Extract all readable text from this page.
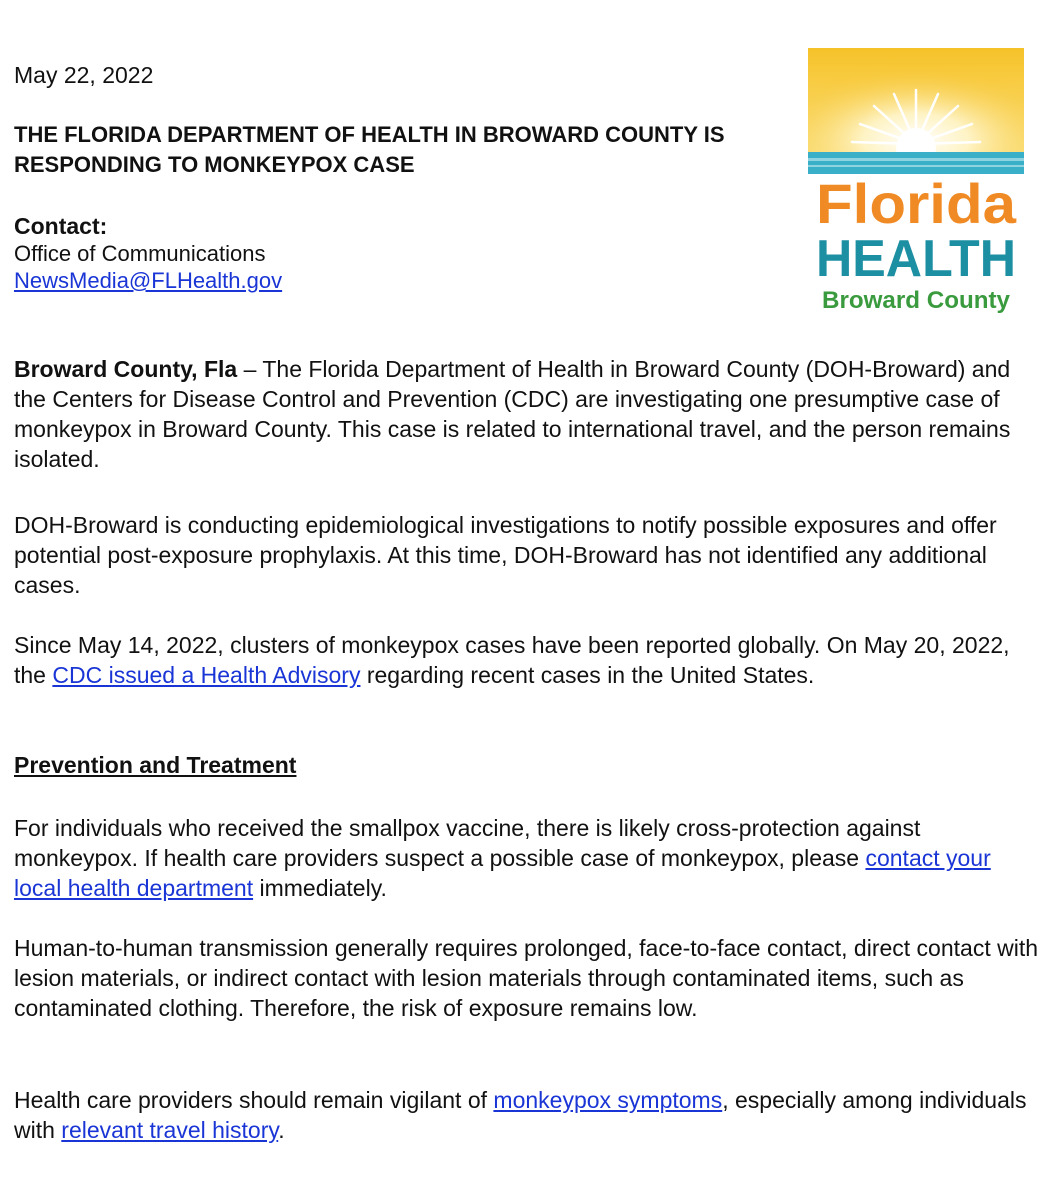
May 22, 2022
THE FLORIDA DEPARTMENT OF HEALTH IN BROWARD COUNTY IS RESPONDING TO MONKEYPOX CASE
Contact:
Office of Communications
NewsMedia@FLHealth.gov
Broward County, Fla – The Florida Department of Health in Broward County (DOH-Broward) and the Centers for Disease Control and Prevention (CDC) are investigating one presumptive case of monkeypox in Broward County. This case is related to international travel, and the person remains isolated.
DOH-Broward is conducting epidemiological investigations to notify possible exposures and offer potential post-exposure prophylaxis. At this time, DOH-Broward has not identified any additional cases.
Since May 14, 2022, clusters of monkeypox cases have been reported globally. On May 20, 2022, the CDC issued a Health Advisory regarding recent cases in the United States.
Prevention and Treatment
For individuals who received the smallpox vaccine, there is likely cross-protection against monkeypox. If health care providers suspect a possible case of monkeypox, please contact your local health department immediately.
Human-to-human transmission generally requires prolonged, face-to-face contact, direct contact with lesion materials, or indirect contact with lesion materials through contaminated items, such as contaminated clothing. Therefore, the risk of exposure remains low.
Health care providers should remain vigilant of monkeypox symptoms, especially among individuals with relevant travel history.
Florida
HEALTH
Broward County
